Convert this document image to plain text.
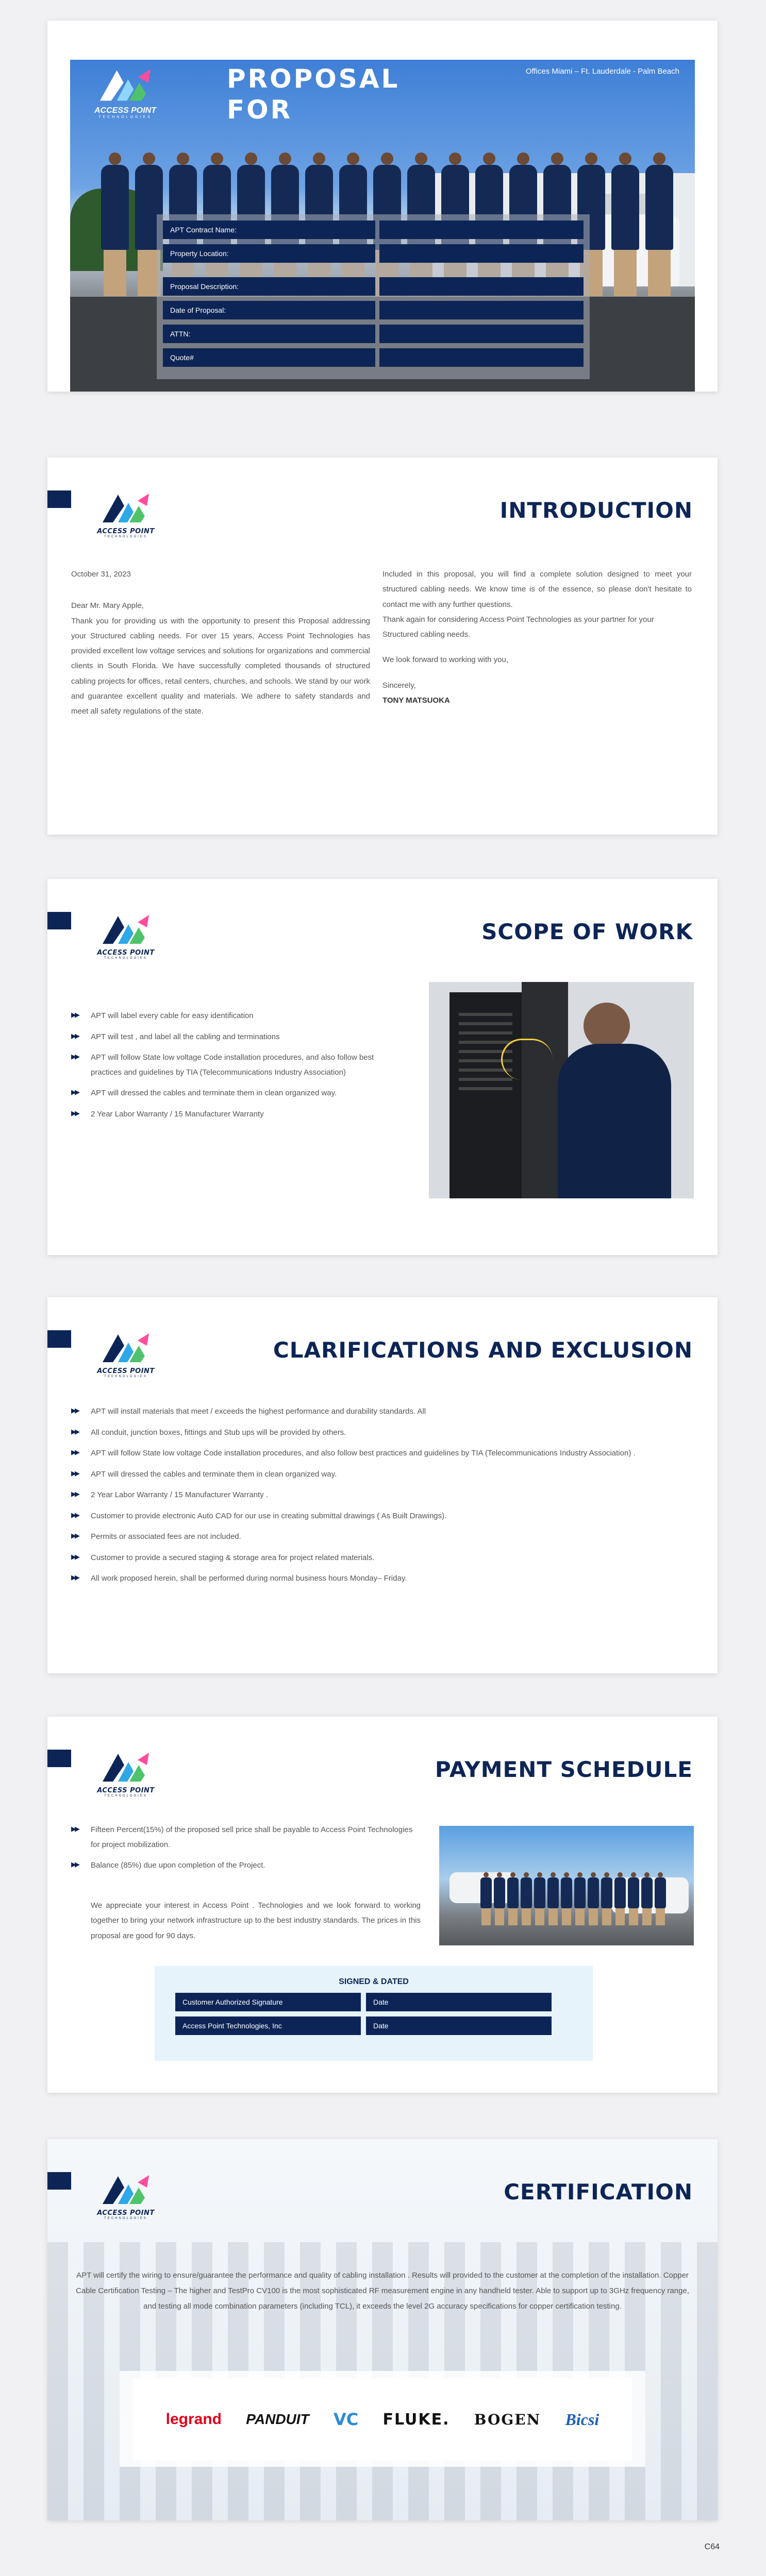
ACCESS POINT
TECHNOLOGIES
PROPOSAL
FOR
Offices Miami – Ft. Lauderdale - Palm Beach
APT Contract Name:
Property Location:
Proposal Description:
Date of Proposal:
ATTN:
Quote#
ACCESS POINT
TECHNOLOGIES
INTRODUCTION
October 31, 2023
Dear Mr. Mary Apple,
Thank you for providing us with the opportunity to present this Proposal addressing your Structured cabling needs. For over 15 years, Access Point Technologies has provided excellent low voltage services and solutions for organizations and commercial clients in South Florida. We have successfully completed thousands of structured cabling projects for offices, retail centers, churches, and schools. We stand by our work and guarantee excellent quality and materials. We adhere to safety standards and meet all safety regulations of the state.
Included in this proposal, you will find a complete solution designed to meet your structured cabling needs. We know time is of the essence, so please don't hesitate to contact me with any further questions.
Thank again for considering Access Point Technologies as your partner for your Structured cabling needs.
We look forward to working with you,
Sincerely,
TONY MATSUOKA
ACCESS POINT
TECHNOLOGIES
SCOPE OF WORK
▶▶ APT will label every cable for easy identification
▶▶ APT will test , and label all the cabling and terminations
▶▶ APT will follow State low voltage Code installation procedures, and also follow best practices and guidelines by TIA (Telecommunications Industry Association)
▶▶ APT will dressed the cables and terminate them in clean organized way.
▶▶ 2 Year Labor Warranty / 15 Manufacturer Warranty
ACCESS POINT
TECHNOLOGIES
CLARIFICATIONS AND EXCLUSION
▶▶ APT will install materials that meet / exceeds the highest performance and durability standards. All
▶▶ All conduit, junction boxes, fittings and Stub ups will be provided by others.
▶▶ APT will follow State low voltage Code installation procedures, and also follow best practices and guidelines by TIA (Telecommunications Industry Association) .
▶▶ APT will dressed the cables and terminate them in clean organized way.
▶▶ 2 Year Labor Warranty / 15 Manufacturer Warranty .
▶▶ Customer to provide electronic Auto CAD for our use in creating submittal drawings ( As Built Drawings).
▶▶ Permits or associated fees are not included.
▶▶ Customer to provide a secured staging & storage area for project related materials.
▶▶ All work proposed herein, shall be performed during normal business hours Monday– Friday.
ACCESS POINT
TECHNOLOGIES
PAYMENT SCHEDULE
▶▶ Fifteen Percent(15%) of the proposed sell price shall be payable to Access Point Technologies for project mobilization.
▶▶ Balance (85%) due upon completion of the Project.
We appreciate your interest in Access Point . Technologies and we look forward to working together to bring your network infrastructure up to the best industry standards. The prices in this proposal are good for 90 days.
SIGNED & DATED
Customer Authorized Signature	Date
Access Point Technologies, Inc	Date
ACCESS POINT
TECHNOLOGIES
CERTIFICATION
APT will certify the wiring to ensure/guarantee the performance and quality of cabling installation . Results will provided to the customer at the completion of the installation. Copper Cable Certification Testing – The higher and TestPro CV100 is the most sophisticated RF measurement engine in any handheld tester. Able to support up to 3GHz frequency range, and testing all mode combination parameters (including TCL), it exceeds the level 2G accuracy specifications for copper certification testing.
legrand PANDUIT VC FLUKE. BOGEN Bicsi
C64
